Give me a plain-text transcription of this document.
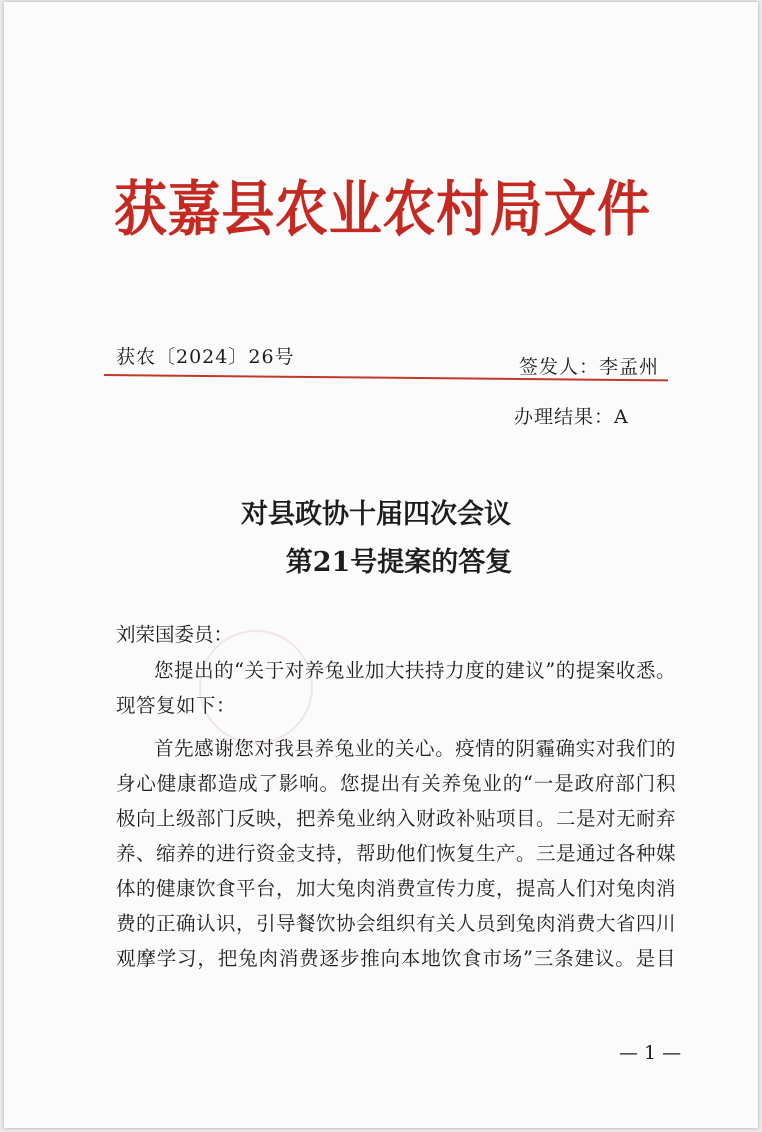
获嘉县农业农村局文件
获农〔2024〕26号	签发人：李孟州
办理结果：A
对县政协十届四次会议
第21号提案的答复
刘荣国委员：
您提出的“关于对养兔业加大扶持力度的建议”的提案收悉。
现答复如下：
首先感谢您对我县养兔业的关心。疫情的阴霾确实对我们的
身心健康都造成了影响。您提出有关养兔业的“一是政府部门积
极向上级部门反映，把养兔业纳入财政补贴项目。二是对无耐弃
养、缩养的进行资金支持，帮助他们恢复生产。三是通过各种媒
体的健康饮食平台，加大兔肉消费宣传力度，提高人们对兔肉消
费的正确认识，引导餐饮协会组织有关人员到兔肉消费大省四川
观摩学习，把兔肉消费逐步推向本地饮食市场”三条建议。是目
— 1 —
